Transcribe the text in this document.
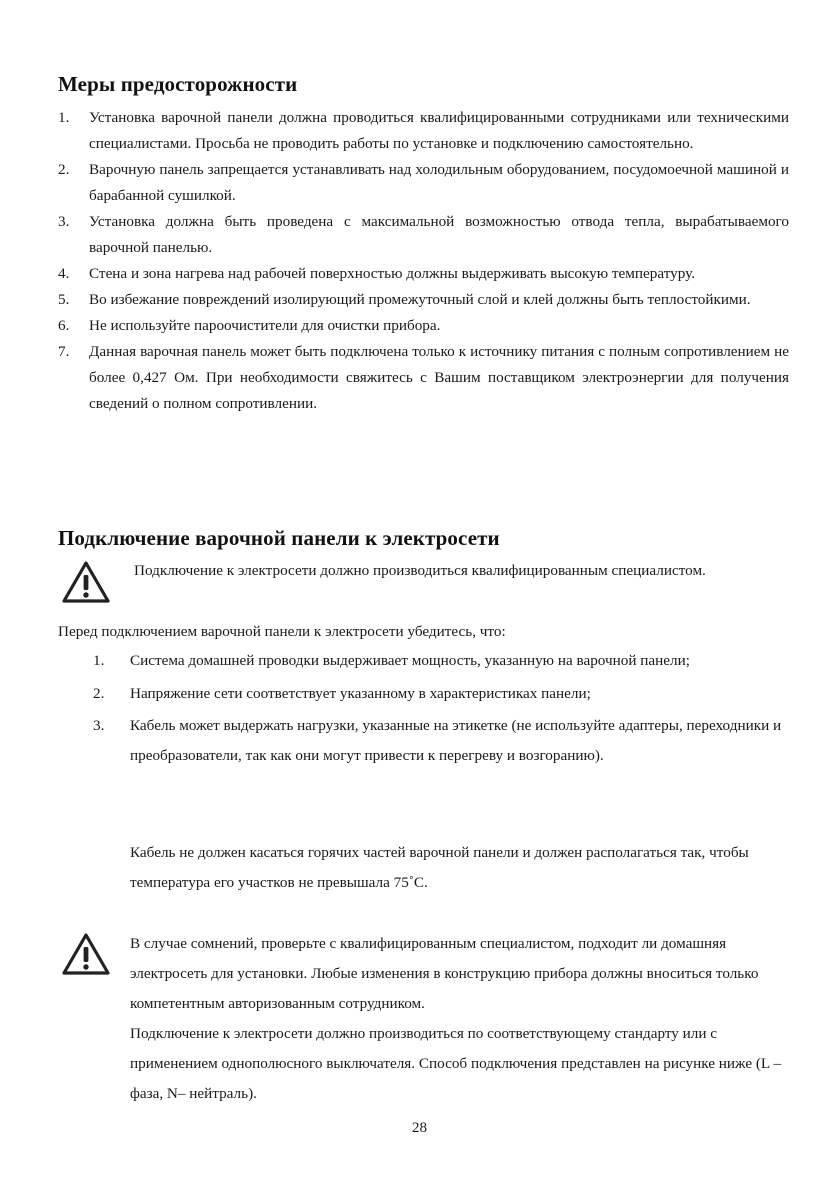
Меры предосторожности
1. Установка варочной панели должна проводиться квалифицированными сотрудниками или техническими специалистами. Просьба не проводить работы по установке и подключению самостоятельно.
2. Варочную панель запрещается устанавливать над холодильным оборудованием, посудомоечной машиной и барабанной сушилкой.
3. Установка должна быть проведена с максимальной возможностью отвода тепла, вырабатываемого варочной панелью.
4. Стена и зона нагрева над рабочей поверхностью должны выдерживать высокую температуру.
5. Во избежание повреждений изолирующий промежуточный слой и клей должны быть теплостойкими.
6. Не используйте пароочистители для очистки прибора.
7. Данная варочная панель может быть подключена только к источнику питания с полным сопротивлением не более 0,427 Ом. При необходимости свяжитесь с Вашим поставщиком электроэнергии для получения сведений о полном сопротивлении.
Подключение варочной панели к электросети
Подключение к электросети должно производиться квалифицированным специалистом.
Перед подключением варочной панели к электросети убедитесь, что:
1. Система домашней проводки выдерживает мощность, указанную на варочной панели;
2. Напряжение сети соответствует указанному в характеристиках панели;
3. Кабель может выдержать нагрузки, указанные на этикетке (не используйте адаптеры, переходники и преобразователи, так как они могут привести к перегреву и возгоранию).
Кабель не должен касаться горячих частей варочной панели и должен располагаться так, чтобы температура его участков не превышала 75˚C.

В случае сомнений, проверьте с квалифицированным специалистом, подходит ли домашняя электросеть для установки. Любые изменения в конструкцию прибора должны вноситься только компетентным авторизованным сотрудником.

Подключение к электросети должно производиться по соответствующему стандарту или с применением однополюсного выключателя. Способ подключения представлен на рисунке ниже (L – фаза, N– нейтраль).

28
